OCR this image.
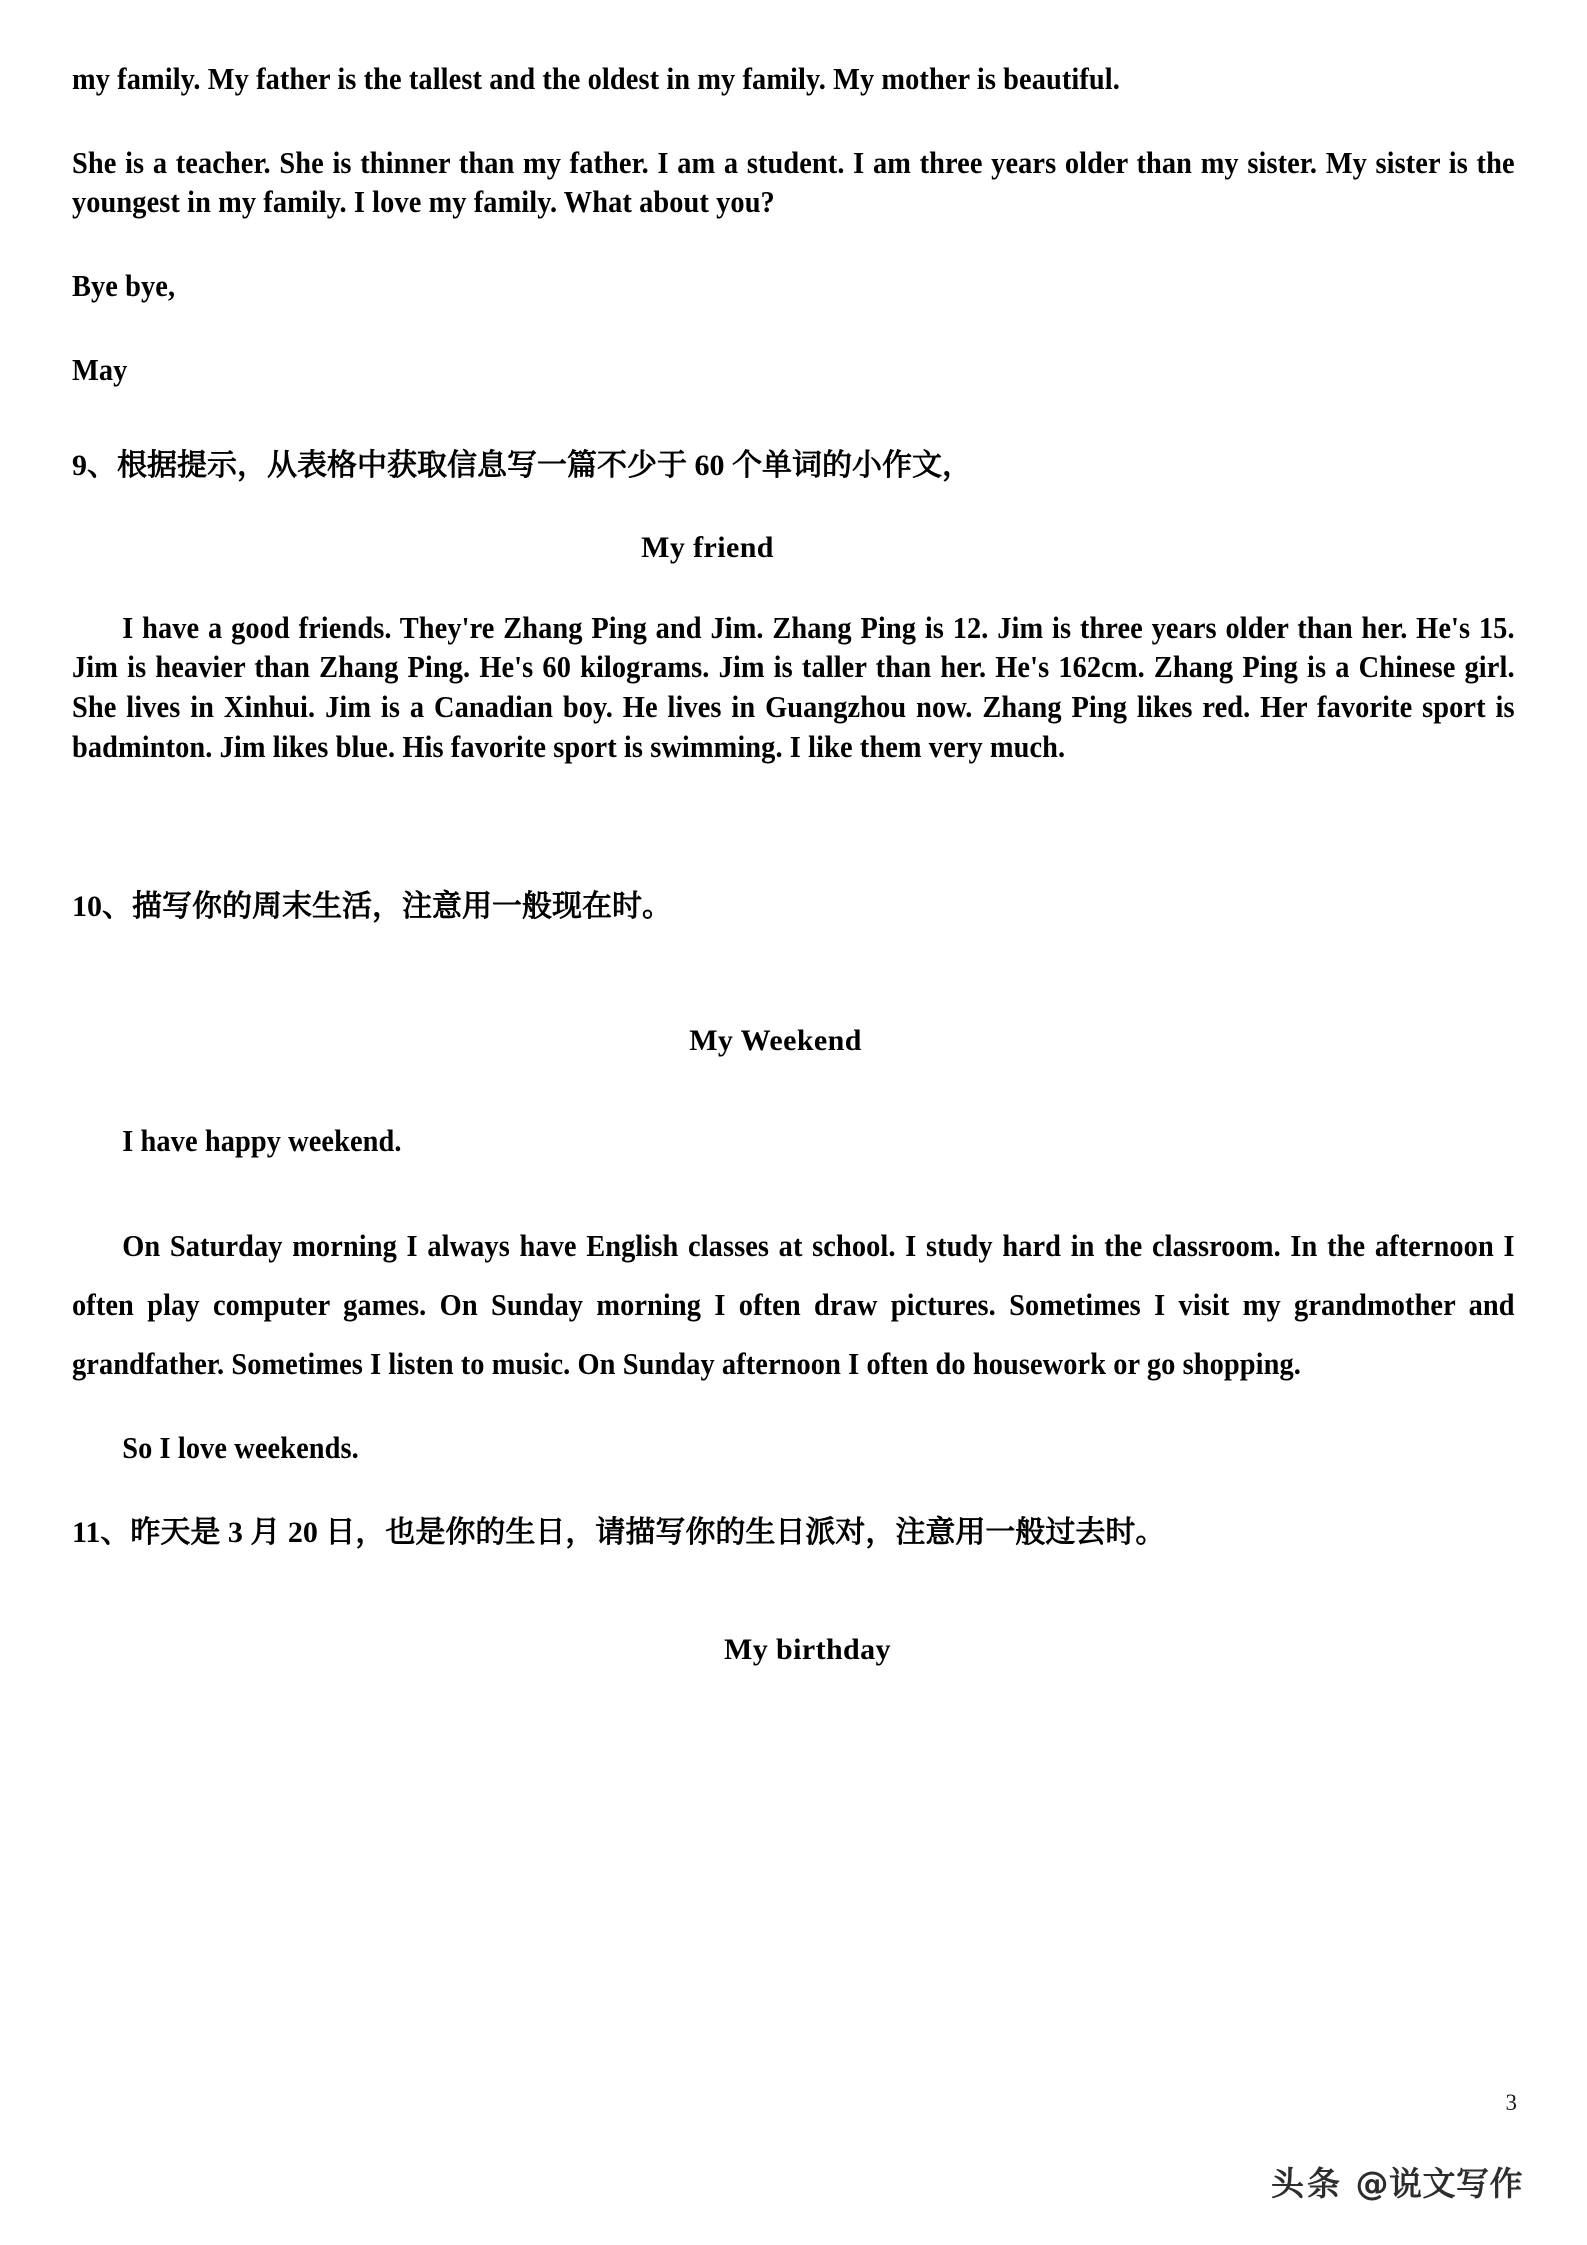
my family. My father is the tallest and the oldest in my family. My mother is beautiful.

She is a teacher. She is thinner than my father. I am a student. I am three years older than my sister. My sister is the youngest in my family. I love my family. What about you?

Bye bye,

May

9、根据提示，从表格中获取信息写一篇不少于 60 个单词的小作文，

My friend

I have a good friends. They're Zhang Ping and Jim. Zhang Ping is 12. Jim is three years older than her. He's 15. Jim is heavier than Zhang Ping. He's 60 kilograms. Jim is taller than her. He's 162cm. Zhang Ping is a Chinese girl. She lives in Xinhui. Jim is a Canadian boy. He lives in Guangzhou now. Zhang Ping likes red. Her favorite sport is badminton. Jim likes blue. His favorite sport is swimming. I like them very much.

10、描写你的周末生活，注意用一般现在时。

My Weekend

I have happy weekend.

On Saturday morning I always have English classes at school. I study hard in the classroom. In the afternoon I often play computer games. On Sunday morning I often draw pictures. Sometimes I visit my grandmother and grandfather. Sometimes I listen to music. On Sunday afternoon I often do housework or go shopping.

So I love weekends.

11、昨天是 3 月 20 日，也是你的生日，请描写你的生日派对，注意用一般过去时。

My birthday

3
头条 @说文写作
